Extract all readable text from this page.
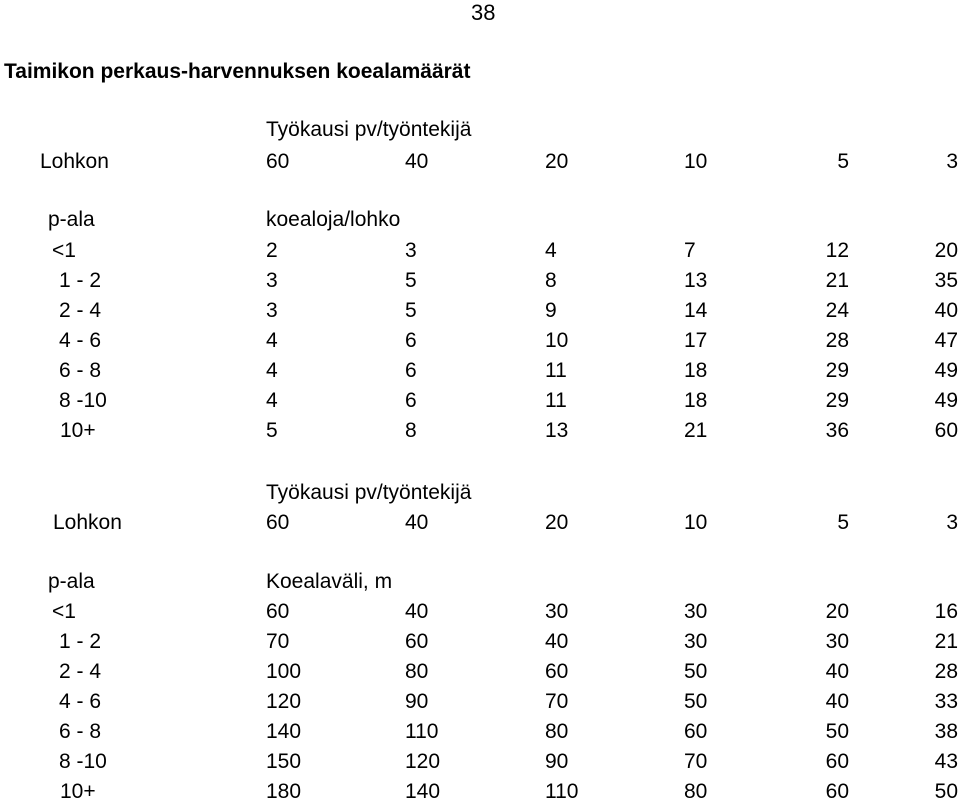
38
Taimikon perkaus-harvennuksen koealamäärät
Työkausi pv/työntekijä
Lohkon	60	40	20	10	5	3
p-ala	koealoja/lohko
<1	2	3	4	7	12	20
1 - 2	3	5	8	13	21	35
2 - 4	3	5	9	14	24	40
4 - 6	4	6	10	17	28	47
6 - 8	4	6	11	18	29	49
8 -10	4	6	11	18	29	49
10+	5	8	13	21	36	60
Työkausi pv/työntekijä
Lohkon	60	40	20	10	5	3
p-ala	Koealaväli, m
<1	60	40	30	30	20	16
1 - 2	70	60	40	30	30	21
2 - 4	100	80	60	50	40	28
4 - 6	120	90	70	50	40	33
6 - 8	140	110	80	60	50	38
8 -10	150	120	90	70	60	43
10+	180	140	110	80	60	50
